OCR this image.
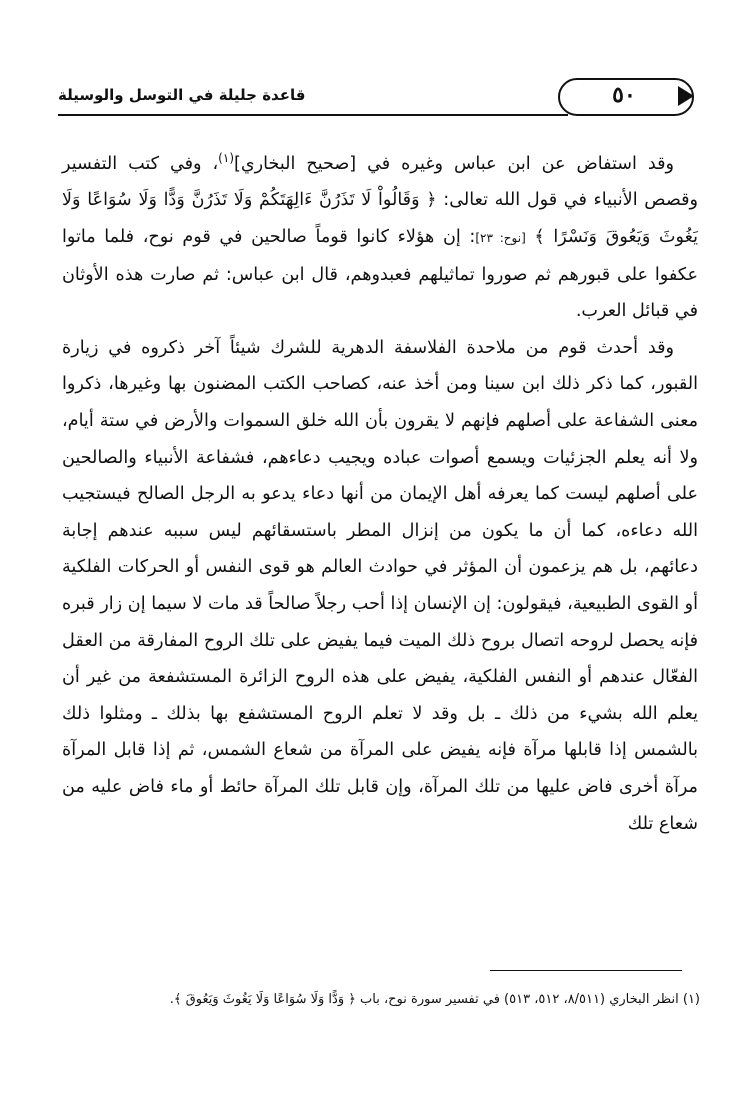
قاعدة جليلة في التوسل والوسيلة	٥٠

وقد استفاض عن ابن عباس وغيره في [صحيح البخاري]$^{(١)}$، وفي كتب التفسير وقصص الأنبياء في قول الله تعالى: ﴿ وَقَالُواْ لَا تَذَرُنَّ ءَالِهَتَكُمْ وَلَا تَذَرُنَّ وَدًّا وَلَا سُوَاعًا وَلَا يَغُوثَ وَيَعُوقَ وَنَسْرًا ﴾ [نوح: ٢٣]: إن هؤلاء كانوا قوماً صالحين في قوم نوح، فلما ماتوا عكفوا على قبورهم ثم صوروا تماثيلهم فعبدوهم، قال ابن عباس: ثم صارت هذه الأوثان في قبائل العرب.

وقد أحدث قوم من ملاحدة الفلاسفة الدهرية للشرك شيئاً آخر ذكروه في زيارة القبور، كما ذكر ذلك ابن سينا ومن أخذ عنه، كصاحب الكتب المضنون بها وغيرها، ذكروا معنى الشفاعة على أصلهم فإنهم لا يقرون بأن الله خلق السموات والأرض في ستة أيام، ولا أنه يعلم الجزئيات ويسمع أصوات عباده ويجيب دعاءهم، فشفاعة الأنبياء والصالحين على أصلهم ليست كما يعرفه أهل الإيمان من أنها دعاء يدعو به الرجل الصالح فيستجيب الله دعاءه، كما أن ما يكون من إنزال المطر باستسقائهم ليس سببه عندهم إجابة دعائهم، بل هم يزعمون أن المؤثر في حوادث العالم هو قوى النفس أو الحركات الفلكية أو القوى الطبيعية، فيقولون: إن الإنسان إذا أحب رجلاً صالحاً قد مات لا سيما إن زار قبره فإنه يحصل لروحه اتصال بروح ذلك الميت فيما يفيض على تلك الروح المفارقة من العقل الفعّال عندهم أو النفس الفلكية، يفيض على هذه الروح الزائرة المستشفعة من غير أن يعلم الله بشيء من ذلك ـ بل وقد لا تعلم الروح المستشفع بها بذلك ـ ومثلوا ذلك بالشمس إذا قابلها مرآة فإنه يفيض على المرآة من شعاع الشمس، ثم إذا قابل المرآة مرآة أخرى فاض عليها من تلك المرآة، وإن قابل تلك المرآة حائط أو ماء فاض عليه من شعاع تلك

(١) انظر البخاري (٨/٥١١، ٥١٢، ٥١٣) في تفسير سورة نوح، باب ﴿ وَدًّا وَلَا سُوَاعًا وَلَا يَغُوثَ وَيَعُوقَ ﴾.
